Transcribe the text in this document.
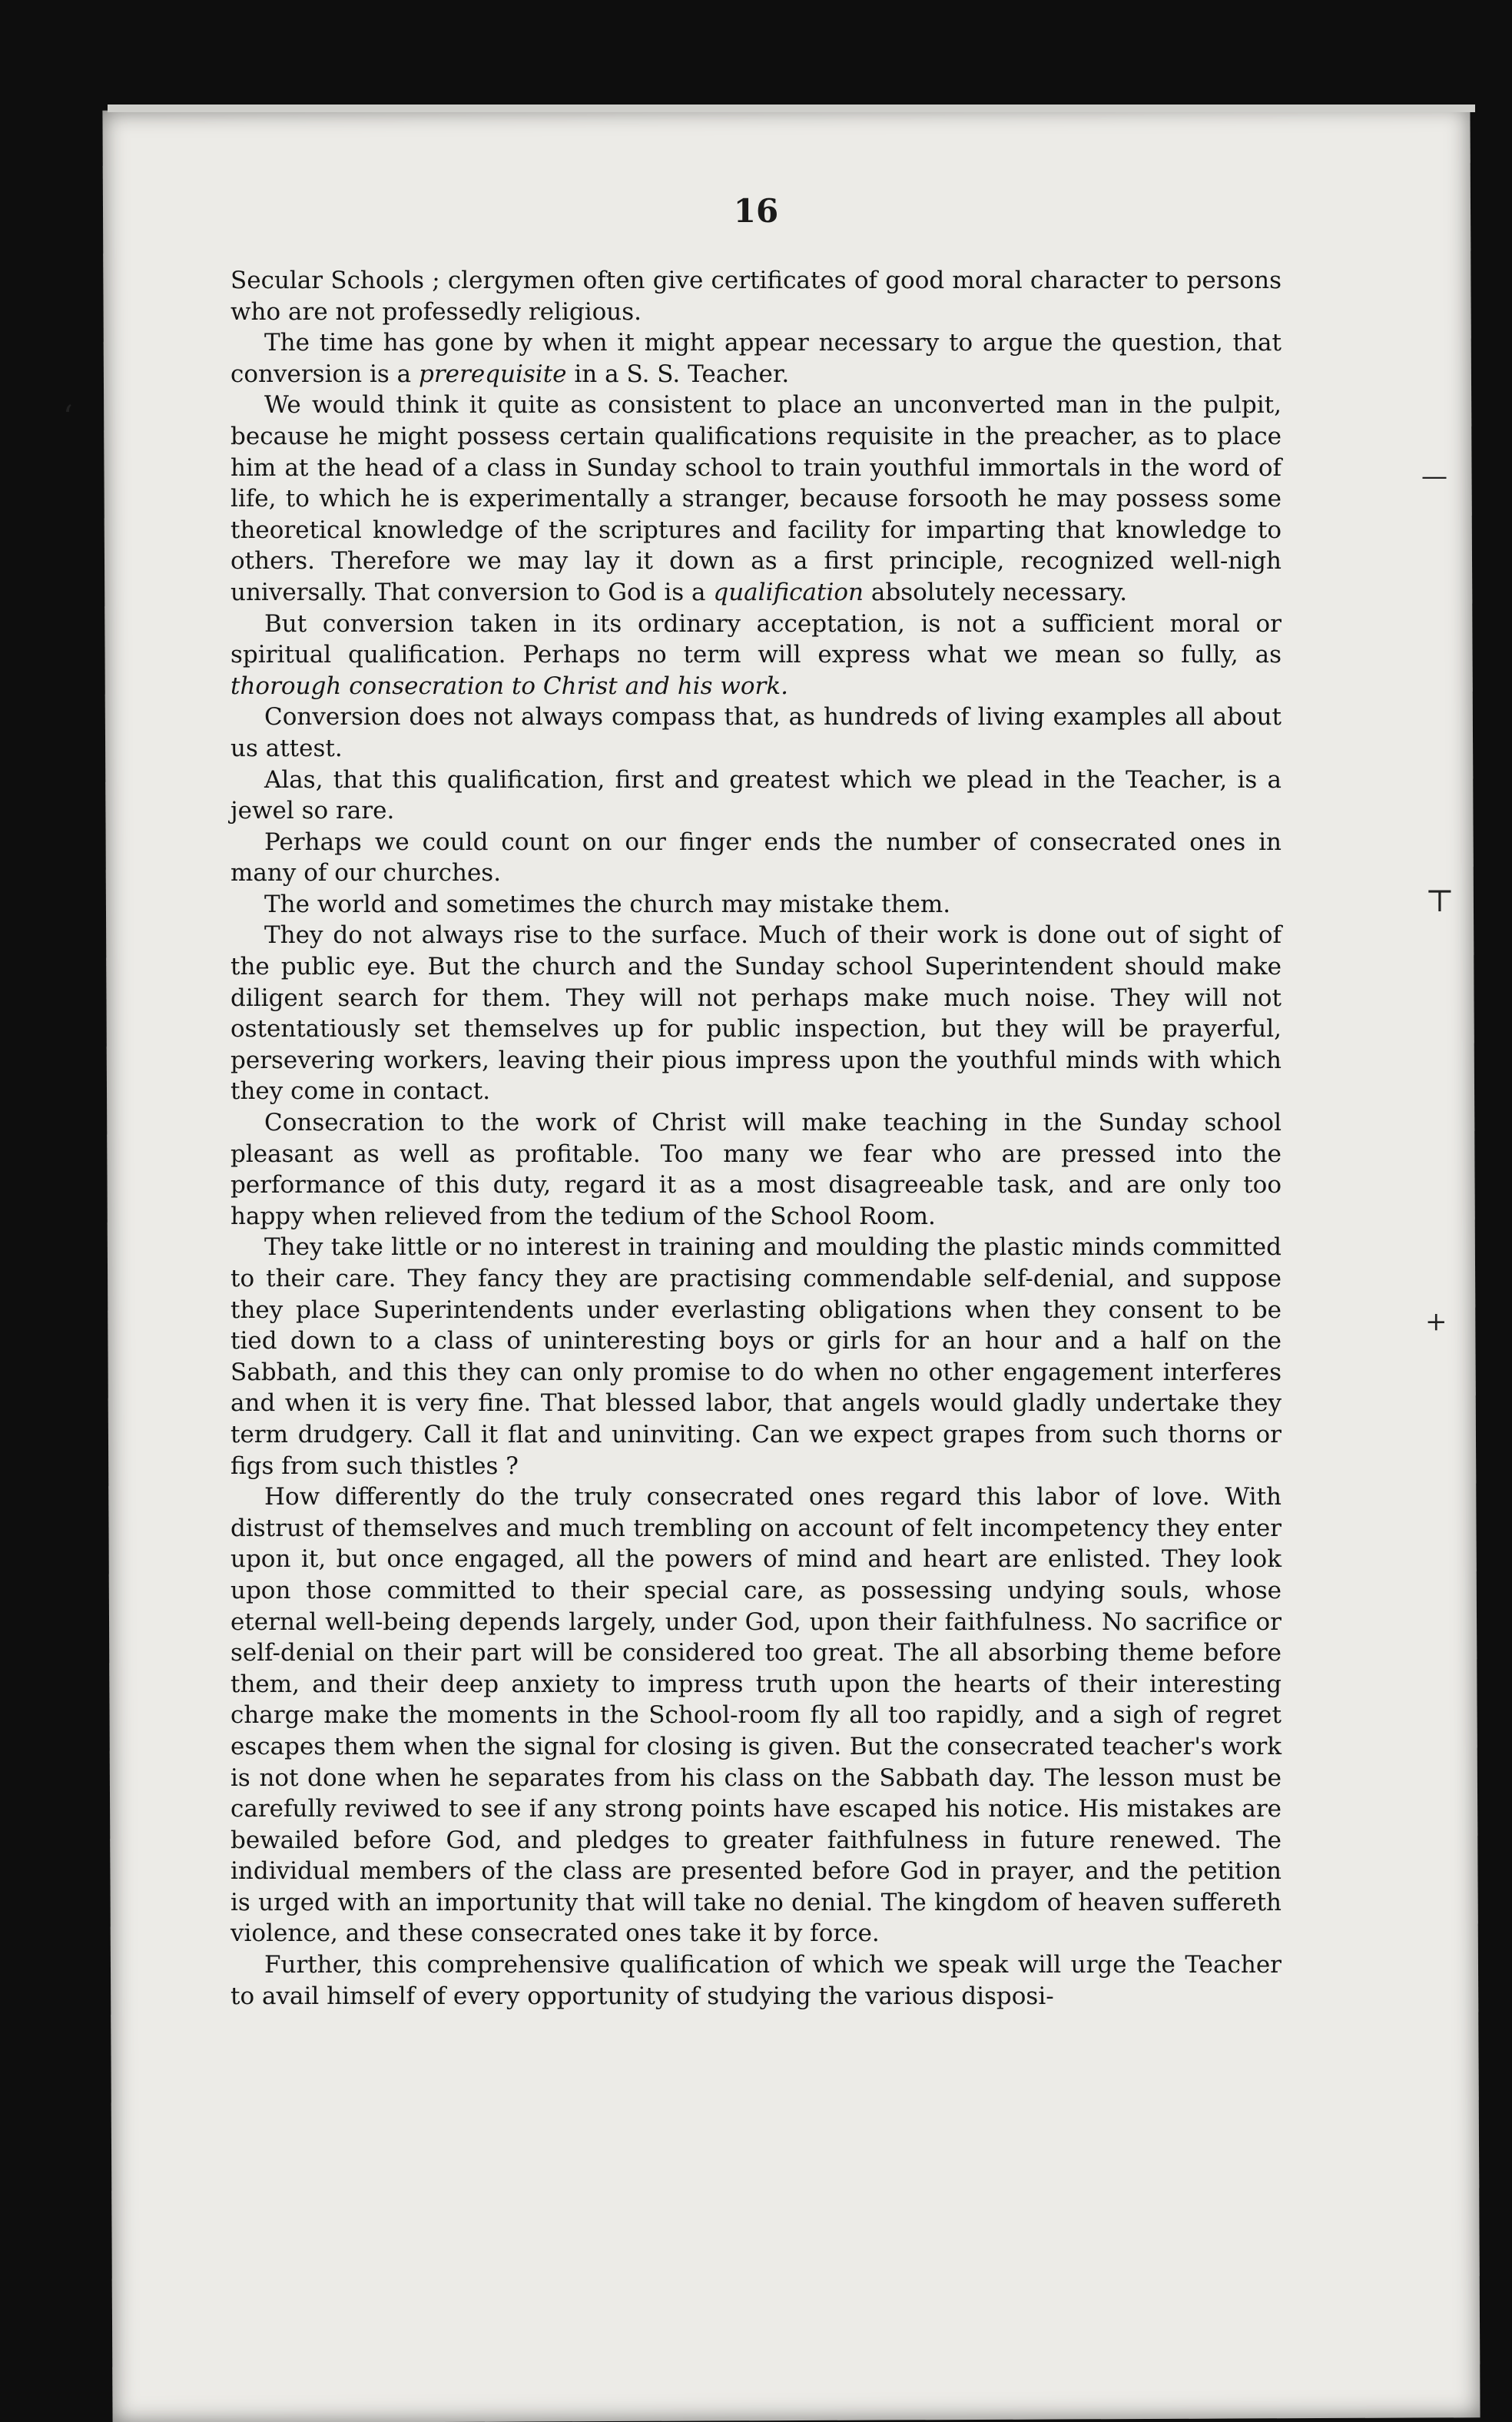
‘
—
⊤
+
16

Secular Schools ; clergymen often give certificates of good moral character to persons who are not professedly religious.

The time has gone by when it might appear necessary to argue the question, that conversion is a prerequisite in a S. S. Teacher.

We would think it quite as consistent to place an unconverted man in the pulpit, because he might possess certain qualifications requisite in the preacher, as to place him at the head of a class in Sunday school to train youthful immortals in the word of life, to which he is experimentally a stranger, because forsooth he may possess some theoretical knowledge of the scriptures and facility for imparting that knowledge to others. Therefore we may lay it down as a first principle, recognized well-nigh universally. That conversion to God is a qualification absolutely necessary.

But conversion taken in its ordinary acceptation, is not a sufficient moral or spiritual qualification. Perhaps no term will express what we mean so fully, as thorough consecration to Christ and his work.

Conversion does not always compass that, as hundreds of living examples all about us attest.

Alas, that this qualification, first and greatest which we plead in the Teacher, is a jewel so rare.

Perhaps we could count on our finger ends the number of consecrated ones in many of our churches.

The world and sometimes the church may mistake them.

They do not always rise to the surface. Much of their work is done out of sight of the public eye. But the church and the Sunday school Superintendent should make diligent search for them. They will not perhaps make much noise. They will not ostentatiously set themselves up for public inspection, but they will be prayerful, persevering workers, leaving their pious impress upon the youthful minds with which they come in contact.

Consecration to the work of Christ will make teaching in the Sunday school pleasant as well as profitable. Too many we fear who are pressed into the performance of this duty, regard it as a most disagreeable task, and are only too happy when relieved from the tedium of the School Room.

They take little or no interest in training and moulding the plastic minds committed to their care. They fancy they are practising commendable self-denial, and suppose they place Superintendents under everlasting obligations when they consent to be tied down to a class of uninteresting boys or girls for an hour and a half on the Sabbath, and this they can only promise to do when no other engagement interferes and when it is very fine. That blessed labor, that angels would gladly undertake they term drudgery. Call it flat and uninviting. Can we expect grapes from such thorns or figs from such thistles ?

How differently do the truly consecrated ones regard this labor of love. With distrust of themselves and much trembling on account of felt incompetency they enter upon it, but once engaged, all the powers of mind and heart are enlisted. They look upon those committed to their special care, as possessing undying souls, whose eternal well-being depends largely, under God, upon their faithfulness. No sacrifice or self-denial on their part will be considered too great. The all absorbing theme before them, and their deep anxiety to impress truth upon the hearts of their interesting charge make the moments in the School-room fly all too rapidly, and a sigh of regret escapes them when the signal for closing is given. But the consecrated teacher's work is not done when he separates from his class on the Sabbath day. The lesson must be carefully reviwed to see if any strong points have escaped his notice. His mistakes are bewailed before God, and pledges to greater faithfulness in future renewed. The individual members of the class are presented before God in prayer, and the petition is urged with an importunity that will take no denial. The kingdom of heaven suffereth violence, and these consecrated ones take it by force.

Further, this comprehensive qualification of which we speak will urge the Teacher to avail himself of every opportunity of studying the various disposi-
